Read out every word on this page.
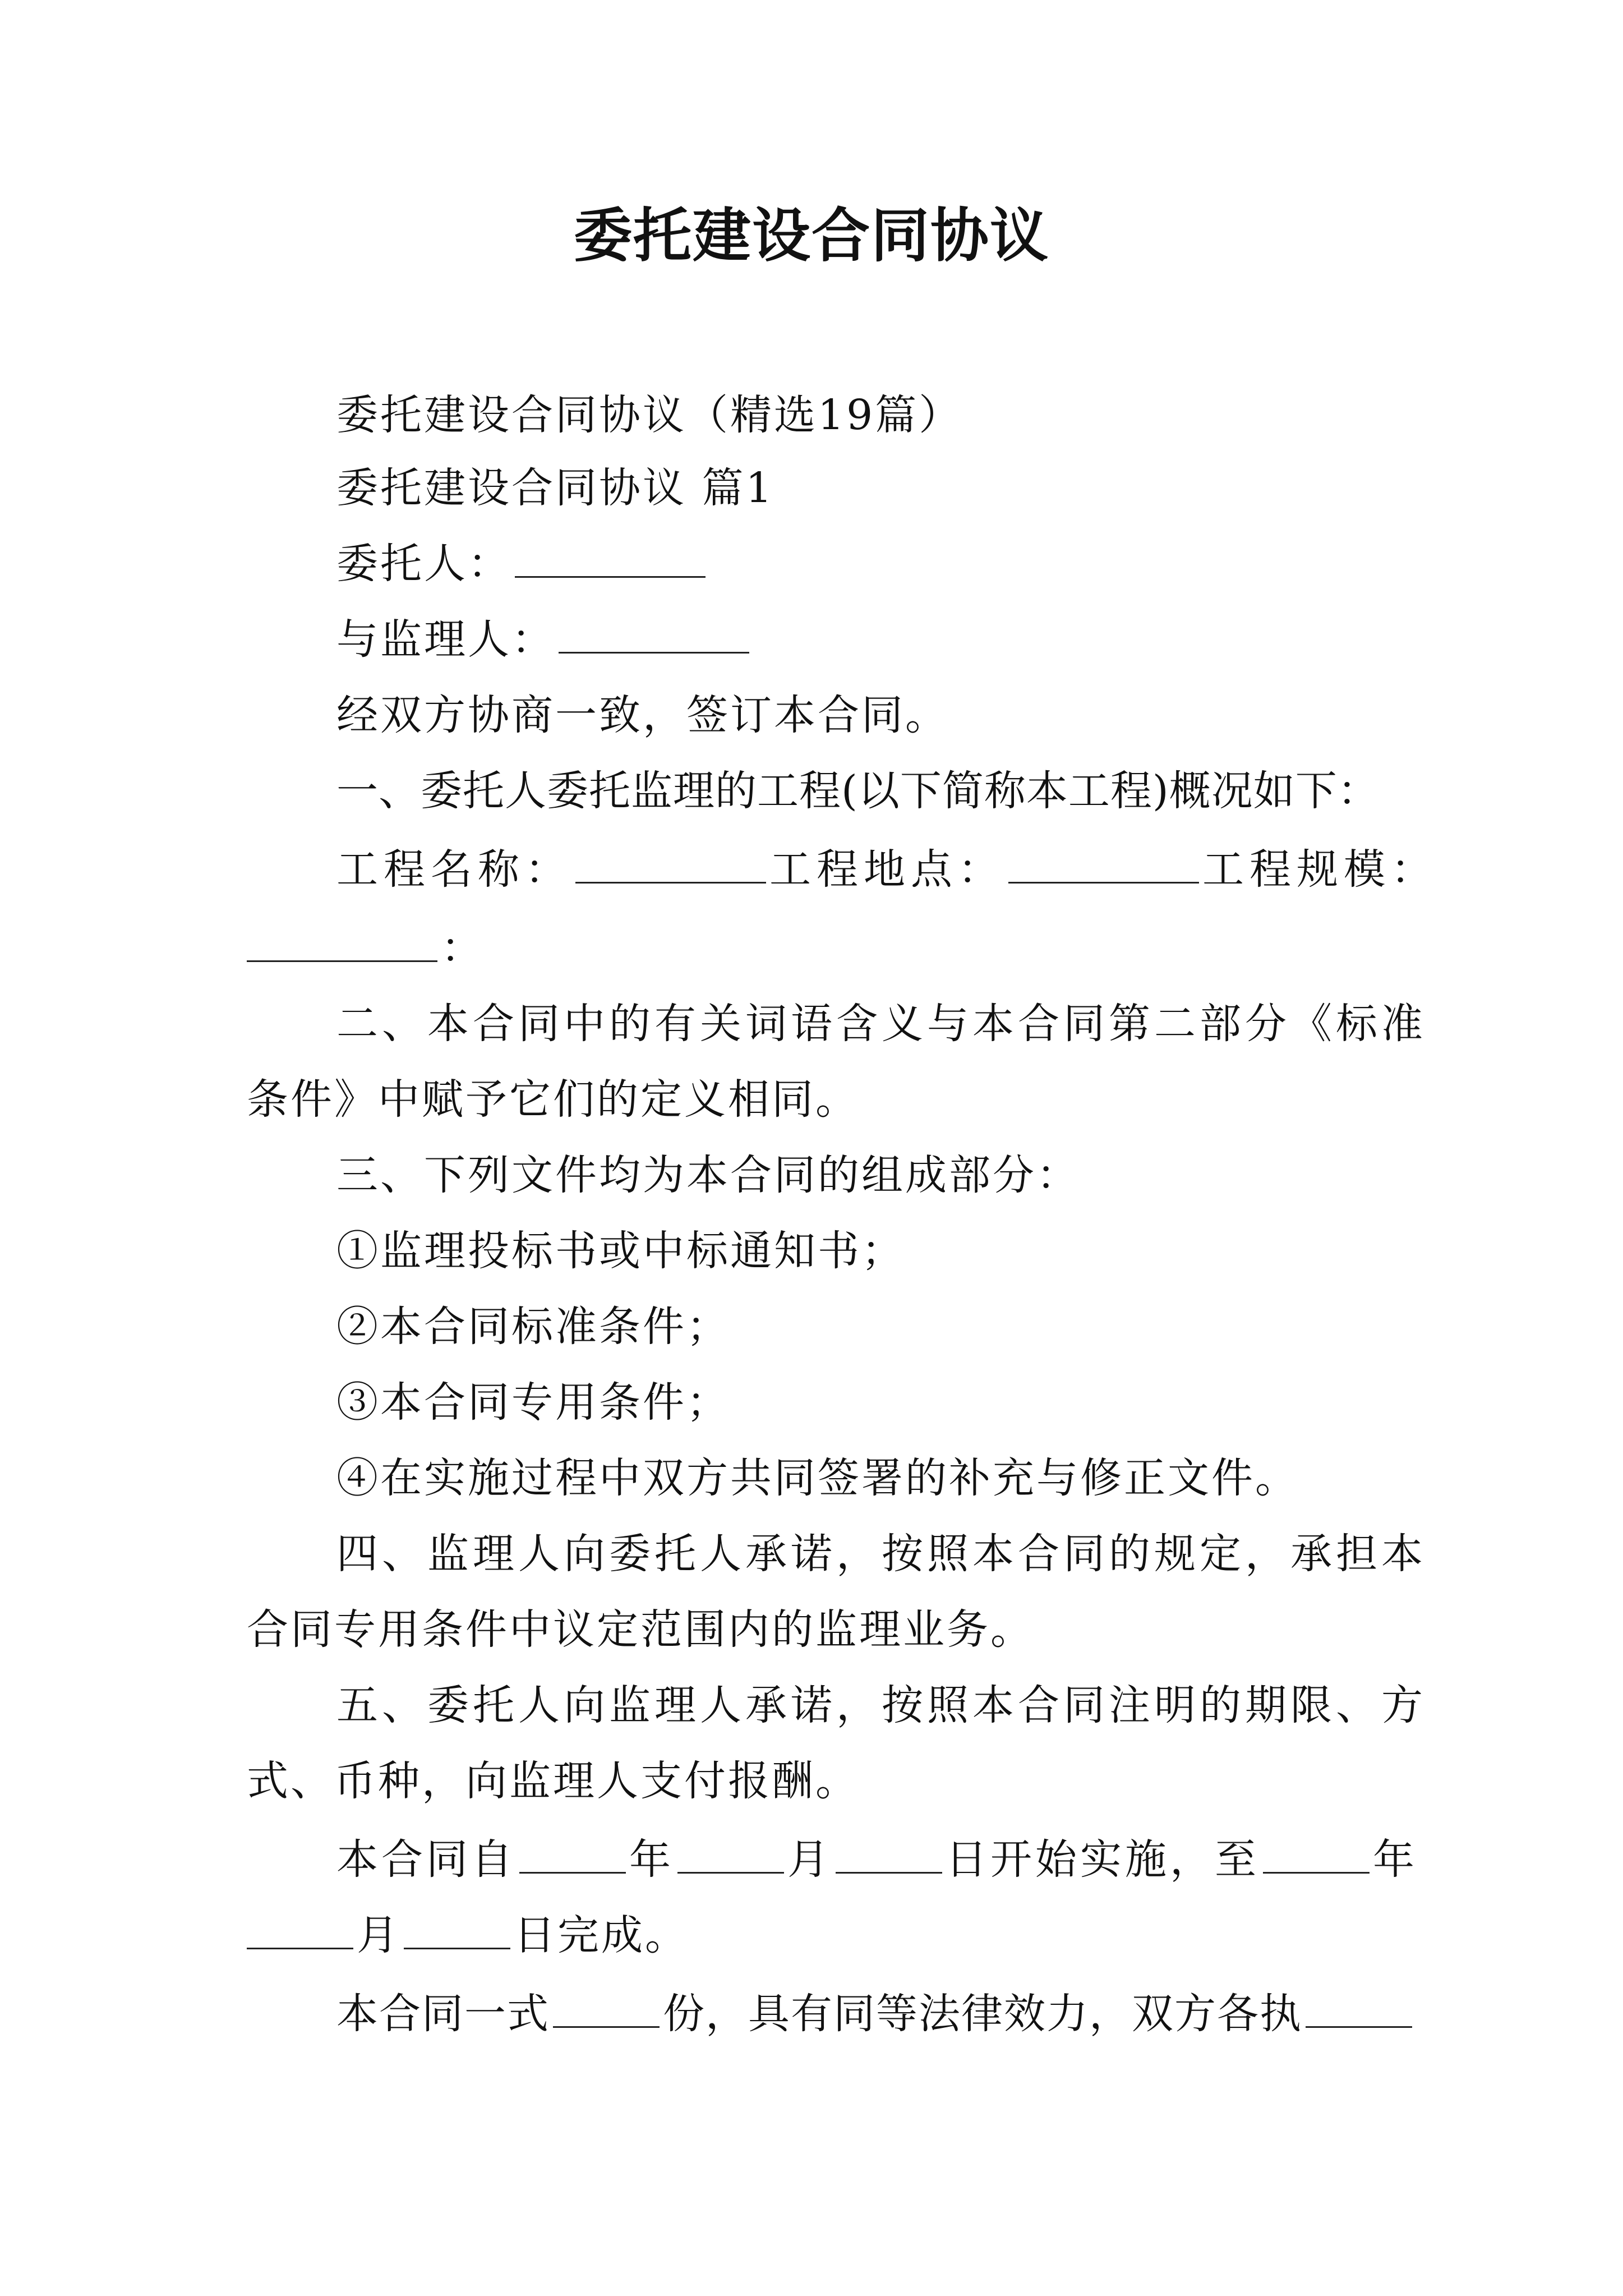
委托建设合同协议
委托建设合同协议（精选19篇）
委托建设合同协议 篇1
委托人：
与监理人：
经双方协商一致，签订本合同。
一、委托人委托监理的工程(以下简称本工程)概况如下：
工程名称：	工程地点：	工程规模：
：
二、本合同中的有关词语含义与本合同第二部分《标准
条件》中赋予它们的定义相同。
三、下列文件均为本合同的组成部分：
①监理投标书或中标通知书；
②本合同标准条件；
③本合同专用条件；
④在实施过程中双方共同签署的补充与修正文件。
四、监理人向委托人承诺，按照本合同的规定，承担本
合同专用条件中议定范围内的监理业务。
五、委托人向监理人承诺，按照本合同注明的期限、方
式、币种，向监理人支付报酬。
本合同自	年	月	日开始实施，至	年
月	日完成。
本合同一式	份，具有同等法律效力，双方各执
